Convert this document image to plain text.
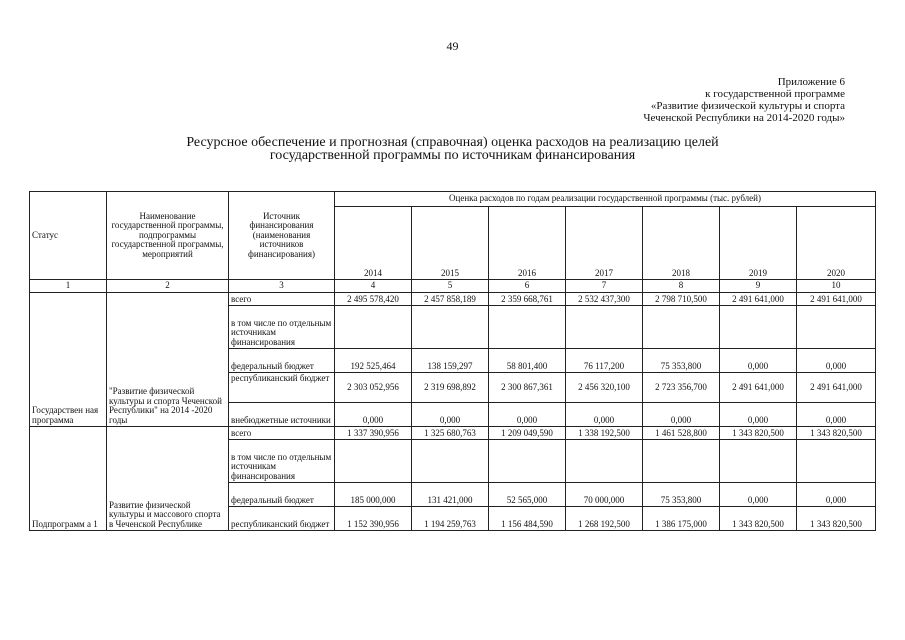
49
Приложение 6
к государственной программе
«Развитие физической культуры и спорта
Чеченской Республики на 2014-2020 годы»
Ресурсное обеспечение и прогнозная (справочная) оценка расходов на реализацию целей
государственной программы по источникам финансирования
Статус	Наименование государственной программы, подпрограммы государственной программы, мероприятий	Источник финансирования (наименования источников финансирования)	Оценка расходов по годам реализации государственной программы (тыс. рублей)						
			2014	2015	2016	2017	2018	2019	2020
1	2	3	4	5	6	7	8	9	10
Государствен ная программа	"Развитие физической культуры и спорта Чеченской Республики" на 2014 -2020 годы	всего	2 495 578,420	2 457 858,189	2 359 668,761	2 532 437,300	2 798 710,500	2 491 641,000	2 491 641,000
		в том числе по отдельным источникам финансирования							
		федеральный бюджет	192 525,464	138 159,297	58 801,400	76 117,200	75 353,800	0,000	0,000
		республиканский бюджет	2 303 052,956	2 319 698,892	2 300 867,361	2 456 320,100	2 723 356,700	2 491 641,000	2 491 641,000
		внебюджетные источники	0,000	0,000	0,000	0,000	0,000	0,000	0,000
Подпрограмм а 1	Развитие физической культуры и массового спорта в Чеченской Республике	всего	1 337 390,956	1 325 680,763	1 209 049,590	1 338 192,500	1 461 528,800	1 343 820,500	1 343 820,500
		в том числе по отдельным источникам финансирования							
		федеральный бюджет	185 000,000	131 421,000	52 565,000	70 000,000	75 353,800	0,000	0,000
		республиканский бюджет	1 152 390,956	1 194 259,763	1 156 484,590	1 268 192,500	1 386 175,000	1 343 820,500	1 343 820,500
